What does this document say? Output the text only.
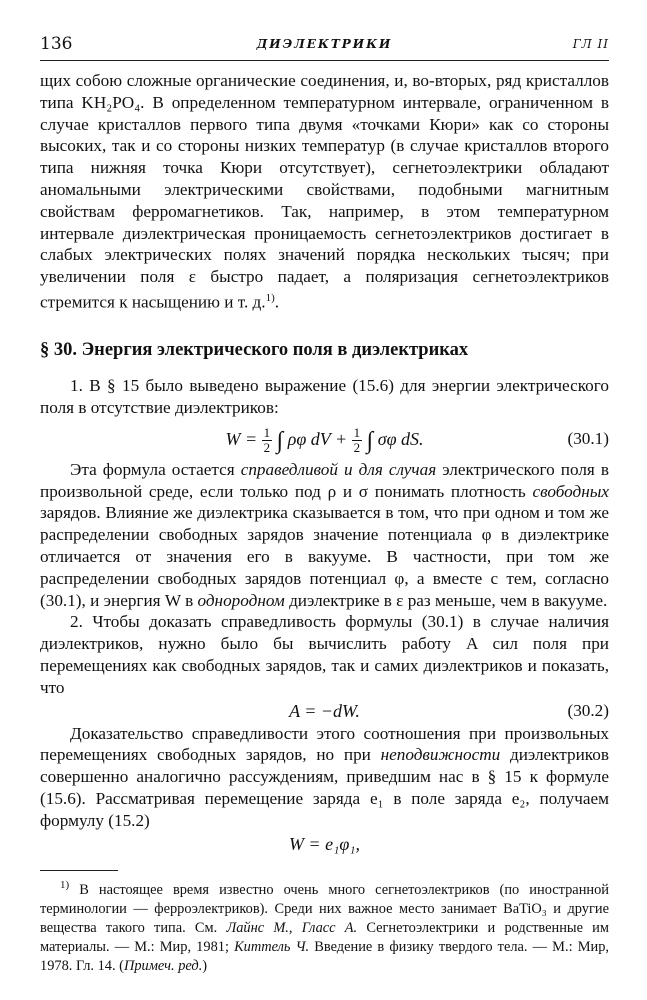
136	ДИЭЛЕКТРИКИ	ГЛ II

щих собою сложные органические соединения, и, во-вторых, ряд кристаллов типа KH₂PO₄. В определенном температурном интервале, ограниченном в случае кристаллов первого типа двумя «точками Кюри» как со стороны высоких, так и со стороны низких температур (в случае кристаллов второго типа нижняя точка Кюри отсутствует), сегнетоэлектрики обладают аномальными электрическими свойствами, подобными магнитным свойствам ферромагнетиков. Так, например, в этом температурном интервале диэлектрическая проницаемость сегнетоэлектриков достигает в слабых электрических полях значений порядка нескольких тысяч; при увеличении поля ε быстро падает, а поляризация сегнетоэлектриков стремится к насыщению и т. д.$^{1)}$.

§ 30. Энергия электрического поля в диэлектриках

1. В § 15 было выведено выражение (15.6) для энергии электрического поля в отсутствие диэлектриков:

$W = \frac{1}{2}$ ∫ ρφ dV + $\frac{1}{2}$ ∫ σφ dS.	(30.1)

Эта формула остается справедливой и для случая электрического поля в произвольной среде, если только под ρ и σ понимать плотность свободных зарядов. Влияние же диэлектрика сказывается в том, что при одном и том же распределении свободных зарядов значение потенциала φ в диэлектрике отличается от значения его в вакууме. В частности, при том же распределении свободных зарядов потенциал φ, а вместе с тем, согласно (30.1), и энергия W в однородном диэлектрике в ε раз меньше, чем в вакууме.

2. Чтобы доказать справедливость формулы (30.1) в случае наличия диэлектриков, нужно было бы вычислить работу A сил поля при перемещениях как свободных зарядов, так и самих диэлектриков и показать, что

A = −dW.	(30.2)

Доказательство справедливости этого соотношения при произвольных перемещениях свободных зарядов, но при неподвижности диэлектриков совершенно аналогично рассуждениям, приведшим нас в § 15 к формуле (15.6). Рассматривая перемещение заряда e₁ в поле заряда e₂, получаем формулу (15.2)

W = e₁φ₁,

$^{1)}$ В настоящее время известно очень много сегнетоэлектриков (по иностранной терминологии — ферроэлектриков). Среди них важное место занимает BaTiO₃ и другие вещества такого типа. См. Лайнс М., Гласс А. Сегнетоэлектрики и родственные им материалы. — М.: Мир, 1981; Киттель Ч. Введение в физику твердого тела. — М.: Мир, 1978. Гл. 14. (Примеч. ред.)
